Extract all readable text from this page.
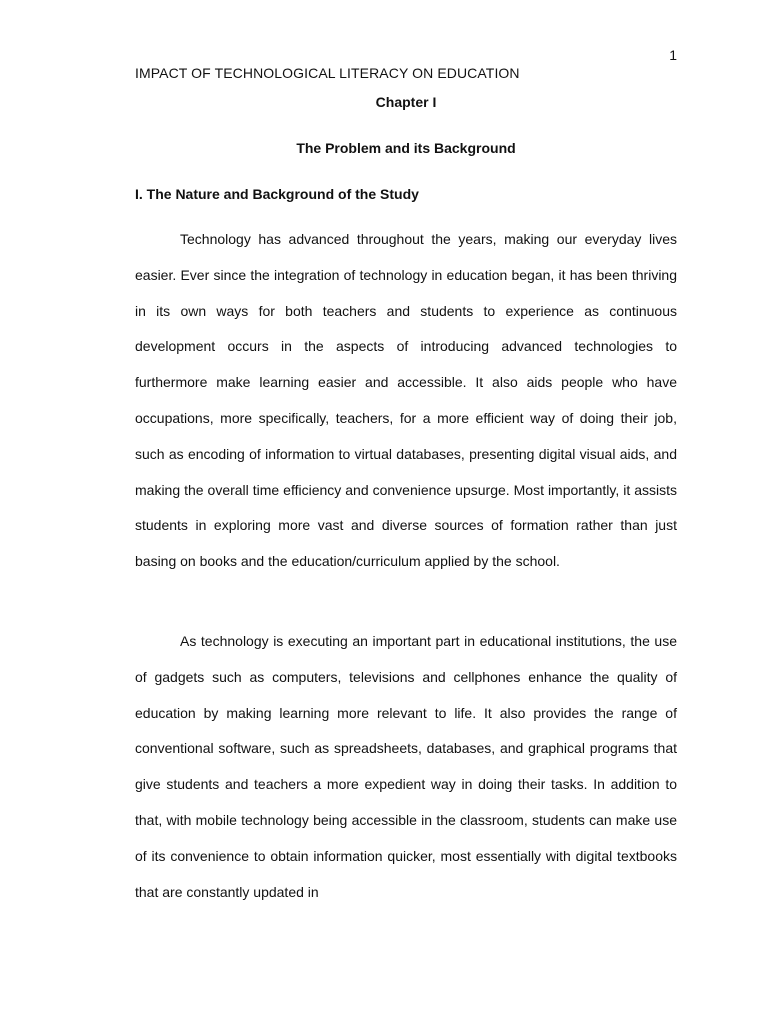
1
IMPACT OF TECHNOLOGICAL LITERACY ON EDUCATION
Chapter I
The Problem and its Background
I. The Nature and Background of the Study

Technology has advanced throughout the years, making our everyday lives easier. Ever since the integration of technology in education began, it has been thriving in its own ways for both teachers and students to experience as continuous development occurs in the aspects of introducing advanced technologies to furthermore make learning easier and accessible. It also aids people who have occupations, more specifically, teachers, for a more efficient way of doing their job, such as encoding of information to virtual databases, presenting digital visual aids, and making the overall time efficiency and convenience upsurge. Most importantly, it assists students in exploring more vast and diverse sources of formation rather than just basing on books and the education/curriculum applied by the school.

As technology is executing an important part in educational institutions, the use of gadgets such as computers, televisions and cellphones enhance the quality of education by making learning more relevant to life. It also provides the range of conventional software, such as spreadsheets, databases, and graphical programs that give students and teachers a more expedient way in doing their tasks. In addition to that, with mobile technology being accessible in the classroom, students can make use of its convenience to obtain information quicker, most essentially with digital textbooks that are constantly updated in
